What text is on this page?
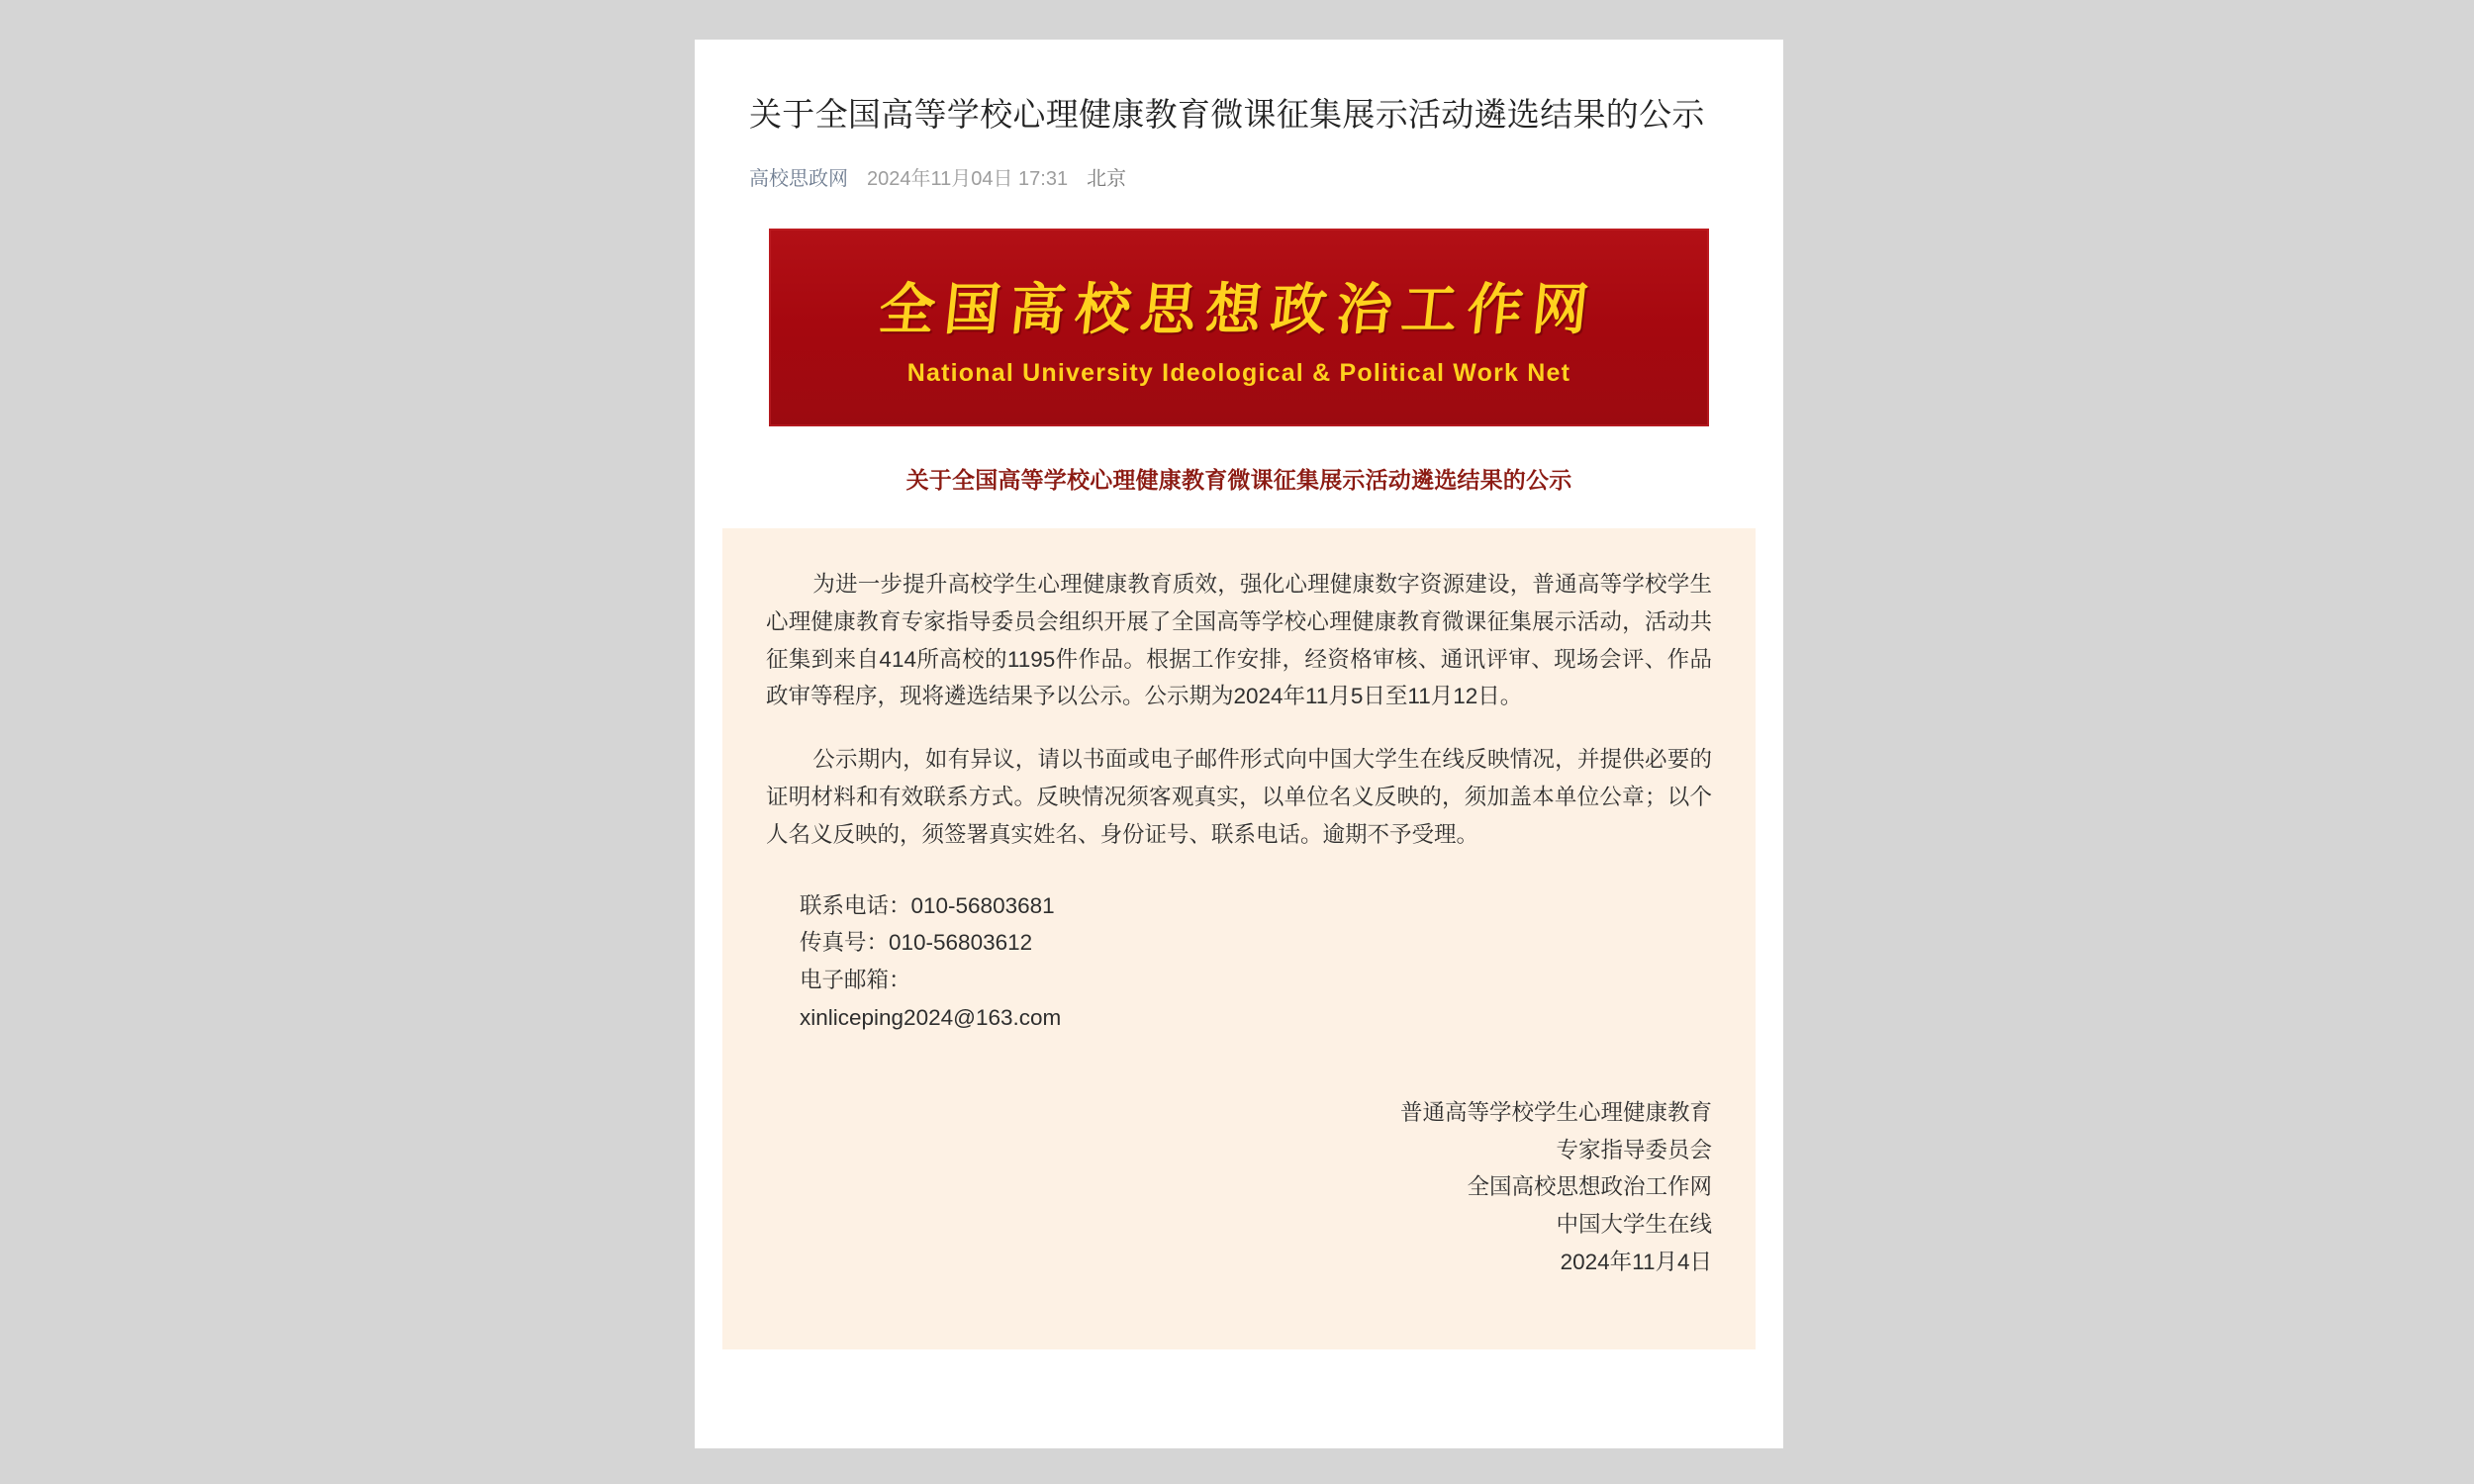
关于全国高等学校心理健康教育微课征集展示活动遴选结果的公示
高校思政网 2024年11月04日 17:31 北京
全国高校思想政治工作网
National University Ideological & Political Work Net
关于全国高等学校心理健康教育微课征集展示活动遴选结果的公示

为进一步提升高校学生心理健康教育质效，强化心理健康数字资源建设，普通高等学校学生心理健康教育专家指导委员会组织开展了全国高等学校心理健康教育微课征集展示活动，活动共征集到来自414所高校的1195件作品。根据工作安排，经资格审核、通讯评审、现场会评、作品政审等程序，现将遴选结果予以公示。公示期为2024年11月5日至11月12日。

公示期内，如有异议，请以书面或电子邮件形式向中国大学生在线反映情况，并提供必要的证明材料和有效联系方式。反映情况须客观真实，以单位名义反映的，须加盖本单位公章；以个人名义反映的，须签署真实姓名、身份证号、联系电话。逾期不予受理。

联系电话：010-56803681
传真号：010-56803612
电子邮箱：
xinliceping2024@163.com
普通高等学校学生心理健康教育
专家指导委员会
全国高校思想政治工作网
中国大学生在线
2024年11月4日
